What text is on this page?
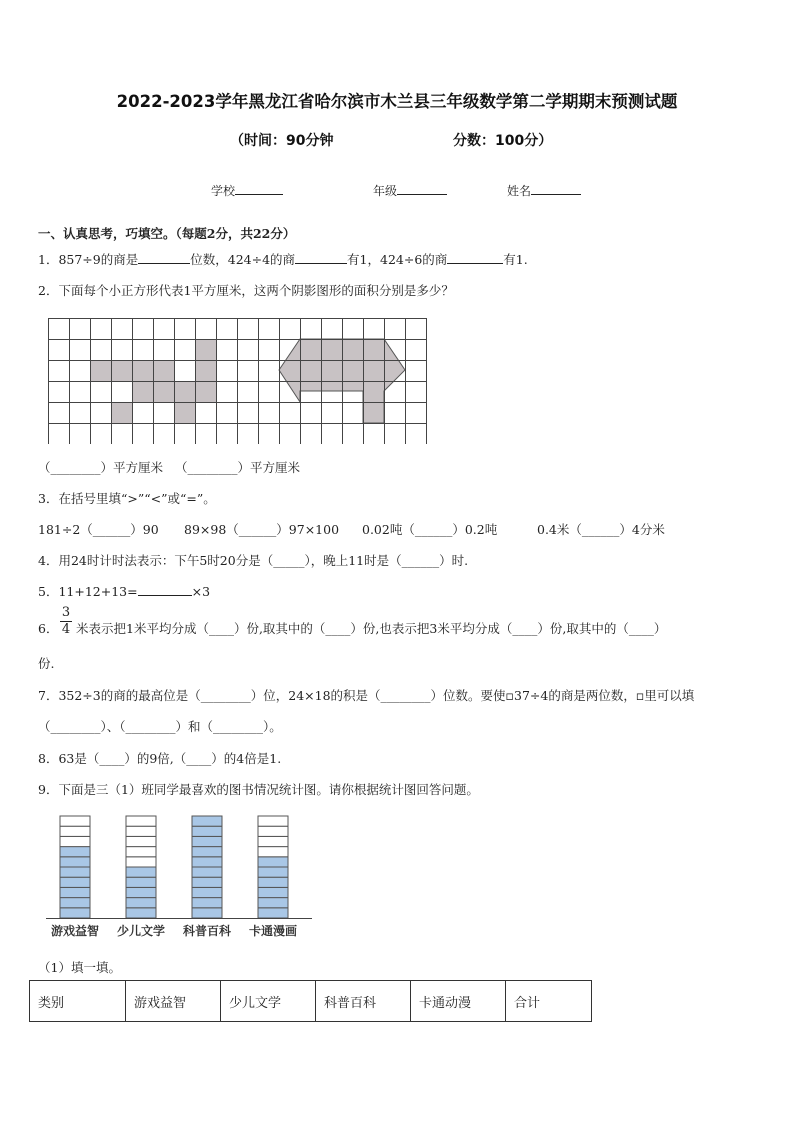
2022-2023学年黑龙江省哈尔滨市木兰县三年级数学第二学期期末预测试题
（时间：90分钟	分数：100分）
学校	年级	姓名
一、认真思考，巧填空。（每题2分，共22分）
1．857÷9的商是	位数，424÷4的商	有1，424÷6的商	有1.
2．下面每个小正方形代表1平方厘米，这两个阴影图形的面积分别是多少？
（________）平方厘米 （________）平方厘米
3．在括号里填“>”“<”或“=”。
181÷2（______）90 89×98（______）97×100 0.02吨（______）0.2吨	0.4米（______）4分米
4．用24时计时法表示：下午5时20分是（_____），晚上11时是（______）时.
5．11+12+13=	×3
6． $\frac{3}{4}$ 米表示把1米平均分成（____）份,取其中的（____）份,也表示把3米平均分成（____）份,取其中的（____）
份.
7．352÷3的商的最高位是（________）位，24×18的积是（________）位数。要使▫37÷4的商是两位数，▫里可以填
（________）、（________）和（________）。
8．63是（____）的9倍,（____）的4倍是1.
9．下面是三（1）班同学最喜欢的图书情况统计图。请你根据统计图回答问题。
游戏益智 少儿文学 科普百科 卡通漫画
（1）填一填。
类别	游戏益智	少儿文学	科普百科	卡通动漫	合计
